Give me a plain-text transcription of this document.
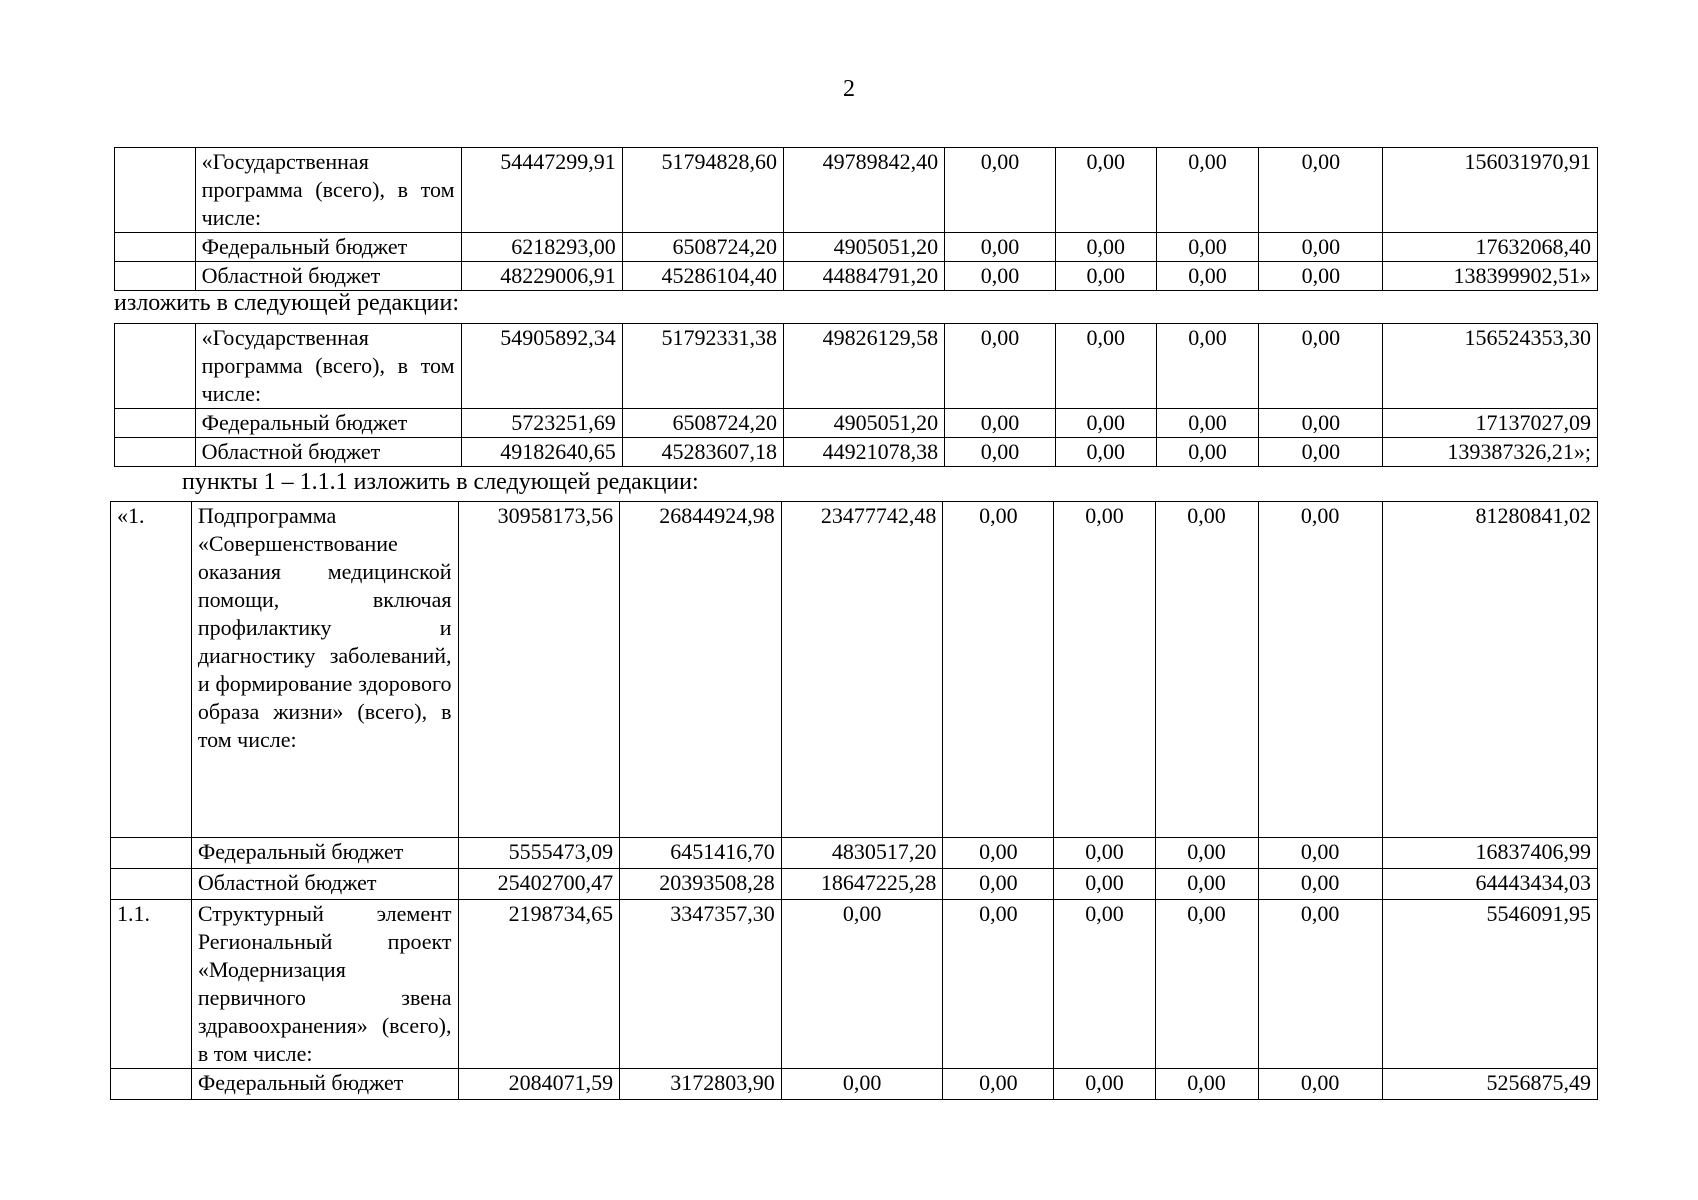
2
	«Государственная программа (всего), в том числе:	54447299,91	51794828,60	49789842,40	0,00	0,00	0,00	0,00	156031970,91
	Федеральный бюджет	6218293,00	6508724,20	4905051,20	0,00	0,00	0,00	0,00	17632068,40
	Областной бюджет	48229006,91	45286104,40	44884791,20	0,00	0,00	0,00	0,00	138399902,51»
изложить в следующей редакции:
	«Государственная программа (всего), в том числе:	54905892,34	51792331,38	49826129,58	0,00	0,00	0,00	0,00	156524353,30
	Федеральный бюджет	5723251,69	6508724,20	4905051,20	0,00	0,00	0,00	0,00	17137027,09
	Областной бюджет	49182640,65	45283607,18	44921078,38	0,00	0,00	0,00	0,00	139387326,21»;
пункты 1 – 1.1.1 изложить в следующей редакции:
«1.	Подпрограмма «Совершенствование оказания медицинской помощи, включая профилактику и диагностику заболеваний, и формирование здорового образа жизни» (всего), в том числе:	30958173,56	26844924,98	23477742,48	0,00	0,00	0,00	0,00	81280841,02
	Федеральный бюджет	5555473,09	6451416,70	4830517,20	0,00	0,00	0,00	0,00	16837406,99
	Областной бюджет	25402700,47	20393508,28	18647225,28	0,00	0,00	0,00	0,00	64443434,03
1.1.	Структурный элемент Региональный проект «Модернизация первичного звена здравоохранения» (всего), в том числе:	2198734,65	3347357,30	0,00	0,00	0,00	0,00	0,00	5546091,95
	Федеральный бюджет	2084071,59	3172803,90	0,00	0,00	0,00	0,00	0,00	5256875,49
